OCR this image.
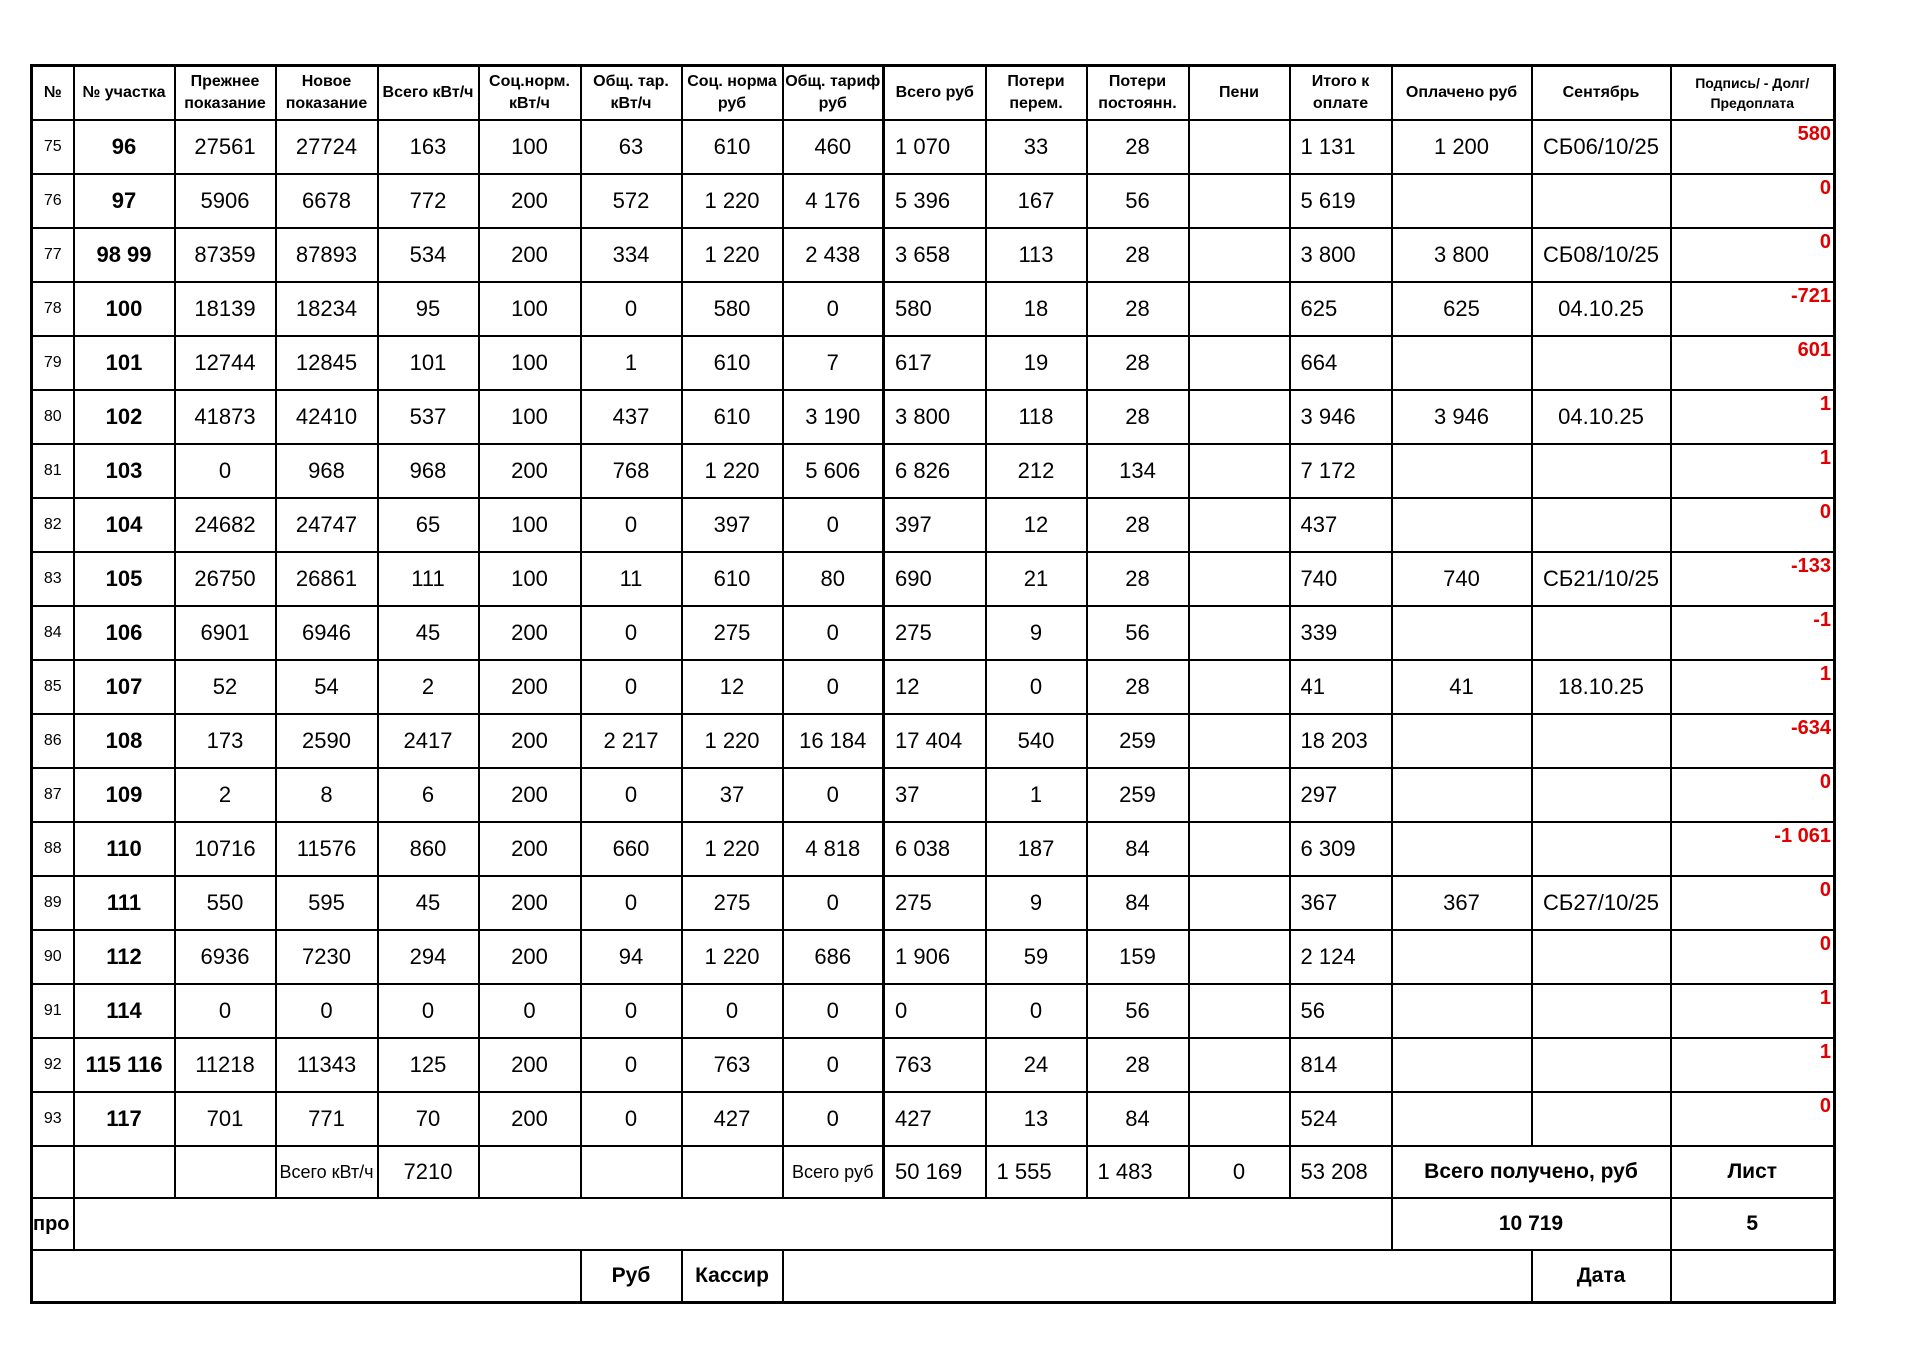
№	№ участка	Прежнее показание	Новое показание	Всего кВт/ч	Соц.норм. кВт/ч	Общ. тар. кВт/ч	Соц. норма руб	Общ. тариф руб	Всего руб	Потери перем.	Потери постоянн.	Пени	Итого к оплате	Оплачено руб	Сентябрь	Подпись/ - Долг/Предоплата
75	96	27561	27724	163	100	63	610	460	1 070	33	28		1 131	1 200	СБ06/10/25	580
76	97	5906	6678	772	200	572	1 220	4 176	5 396	167	56		5 619			0
77	98 99	87359	87893	534	200	334	1 220	2 438	3 658	113	28		3 800	3 800	СБ08/10/25	0
78	100	18139	18234	95	100	0	580	0	580	18	28		625	625	04.10.25	-721
79	101	12744	12845	101	100	1	610	7	617	19	28		664			601
80	102	41873	42410	537	100	437	610	3 190	3 800	118	28		3 946	3 946	04.10.25	1
81	103	0	968	968	200	768	1 220	5 606	6 826	212	134		7 172			1
82	104	24682	24747	65	100	0	397	0	397	12	28		437			0
83	105	26750	26861	111	100	11	610	80	690	21	28		740	740	СБ21/10/25	-133
84	106	6901	6946	45	200	0	275	0	275	9	56		339			-1
85	107	52	54	2	200	0	12	0	12	0	28		41	41	18.10.25	1
86	108	173	2590	2417	200	2 217	1 220	16 184	17 404	540	259		18 203			-634
87	109	2	8	6	200	0	37	0	37	1	259		297			0
88	110	10716	11576	860	200	660	1 220	4 818	6 038	187	84		6 309			-1 061
89	111	550	595	45	200	0	275	0	275	9	84		367	367	СБ27/10/25	0
90	112	6936	7230	294	200	94	1 220	686	1 906	59	159		2 124			0
91	114	0	0	0	0	0	0	0	0	0	56		56			1
92	115 116	11218	11343	125	200	0	763	0	763	24	28		814			1
93	117	701	771	70	200	0	427	0	427	13	84		524			0
			Всего кВт/ч	7210				Всего руб	50 169	1 555	1 483	0	53 208	Всего получено, руб		Лист
про														10 719		5
						Руб	Кассир								Дата	
